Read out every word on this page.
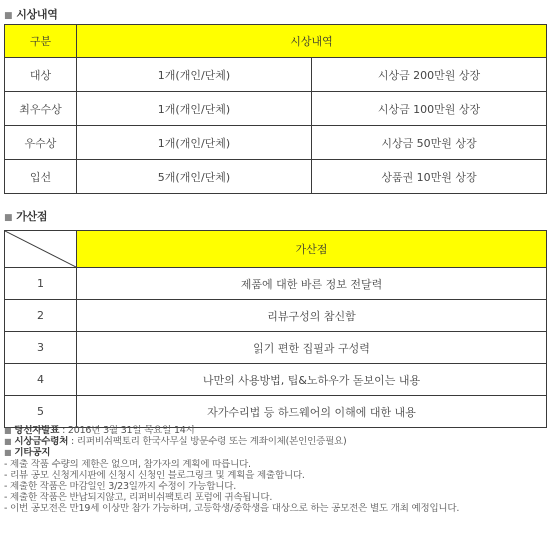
■ 시상내역
구분	시상내역	
대상	1개(개인/단체)	시상금 200만원 상장
최우수상	1개(개인/단체)	시상금 100만원 상장
우수상	1개(개인/단체)	시상금 50만원 상장
입선	5개(개인/단체)	상품권 10만원 상장
■ 가산점
	가산점
1	제품에 대한 바른 정보 전달력
2	리뷰구성의 참신함
3	읽기 편한 집필과 구성력
4	나만의 사용방법, 팁&노하우가 돋보이는 내용
5	자가수리법 등 하드웨어의 이해에 대한 내용
■ 당선자발표 : 2016년 3월 31일 목요일 14시
■ 시상금수령처 : 리퍼비쉬팩토리 한국사무실 방문수령 또는 계좌이체(본인인증필요)
■ 기타공지
- 제출 작품 수량의 제한은 없으며, 참가자의 계획에 따릅니다.
- 리뷰 공모 신청게시판에 신청시 신청인 블로그링크 및 계획을 제출합니다.
- 제출한 작품은 마감일인 3/23일까지 수정이 가능합니다.
- 제출한 작품은 반납되지않고, 리퍼비쉬팩토리 포럼에 귀속됩니다.
- 이번 공모전은 만19세 이상만 참가 가능하며, 고등학생/중학생을 대상으로 하는 공모전은 별도 개최 예정입니다.
